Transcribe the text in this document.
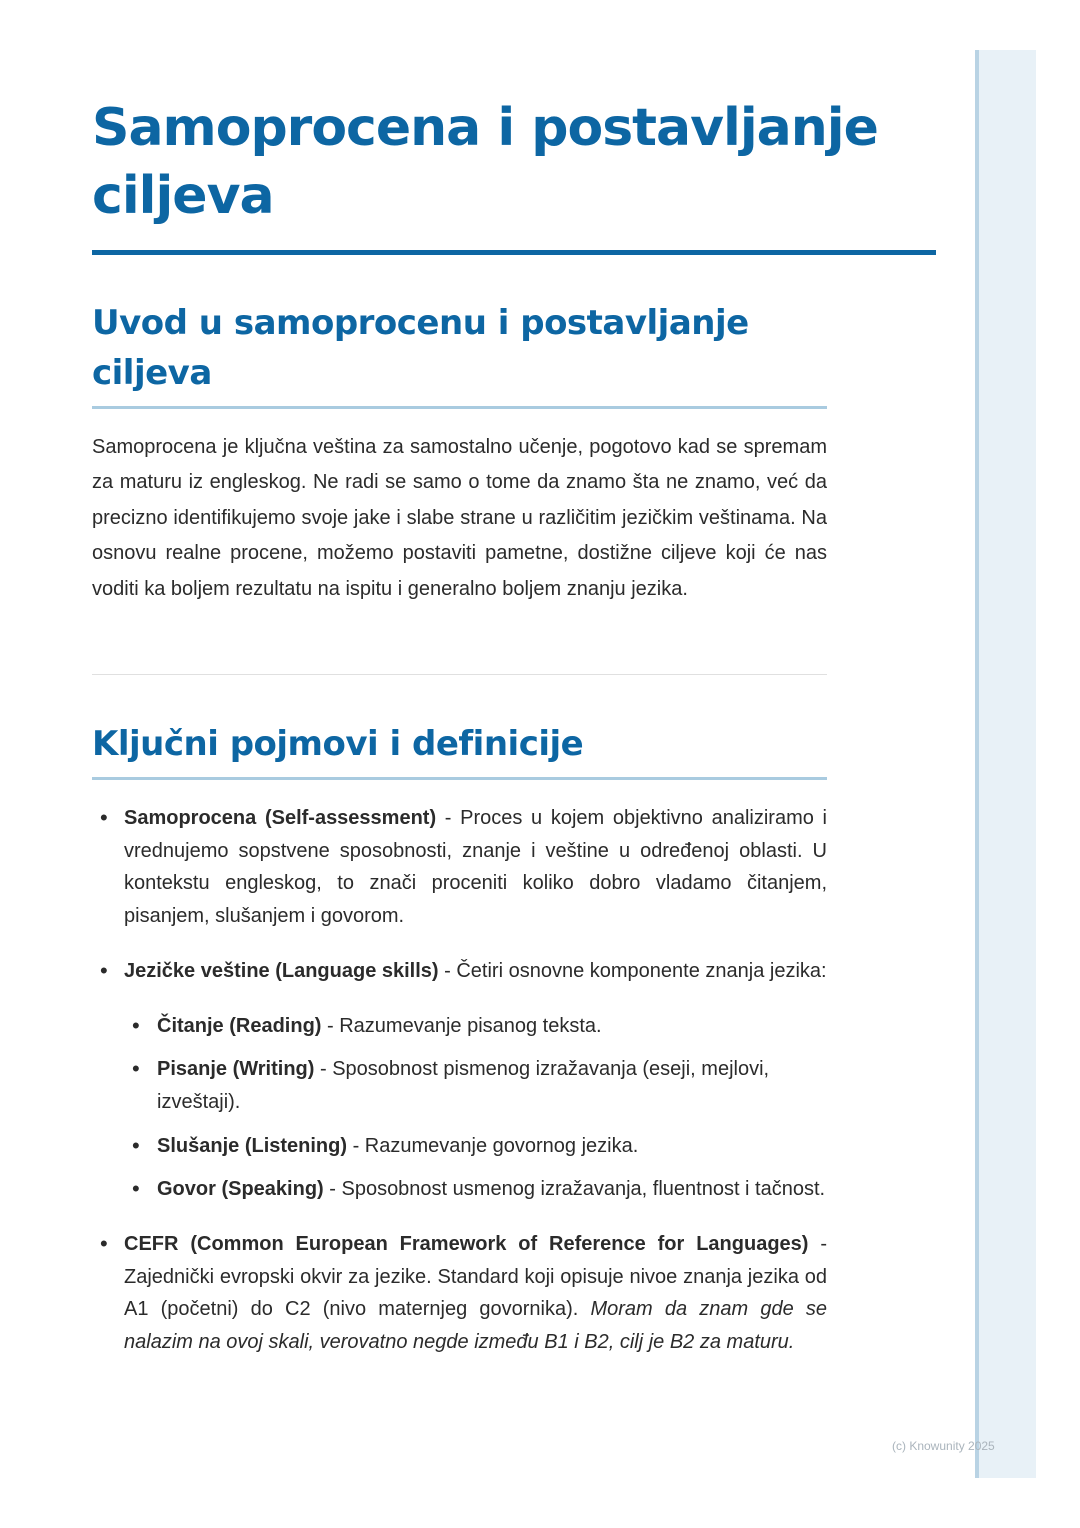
Samoprocena i postavljanje ciljeva
Uvod u samoprocenu i postavljanje ciljeva

Samoprocena je ključna veština za samostalno učenje, pogotovo kad se spremam za maturu iz engleskog. Ne radi se samo o tome da znamo šta ne znamo, već da precizno identifikujemo svoje jake i slabe strane u različitim jezičkim veštinama. Na osnovu realne procene, možemo postaviti pametne, dostižne ciljeve koji će nas voditi ka boljem rezultatu na ispitu i generalno boljem znanju jezika.

Ključni pojmovi i definicije
• Samoprocena (Self-assessment) - Proces u kojem objektivno analiziramo i vrednujemo sopstvene sposobnosti, znanje i veštine u određenoj oblasti. U kontekstu engleskog, to znači proceniti koliko dobro vladamo čitanjem, pisanjem, slušanjem i govorom.
• Jezičke veštine (Language skills) - Četiri osnovne komponente znanja jezika:
• Čitanje (Reading) - Razumevanje pisanog teksta.
• Pisanje (Writing) - Sposobnost pismenog izražavanja (eseji, mejlovi, izveštaji).
• Slušanje (Listening) - Razumevanje govornog jezika.
• Govor (Speaking) - Sposobnost usmenog izražavanja, fluentnost i tačnost.
• CEFR (Common European Framework of Reference for Languages) - Zajednički evropski okvir za jezike. Standard koji opisuje nivoe znanja jezika od A1 (početni) do C2 (nivo maternjeg govornika). Moram da znam gde se nalazim na ovoj skali, verovatno negde između B1 i B2, cilj je B2 za maturu.
(c) Knowunity 2025
